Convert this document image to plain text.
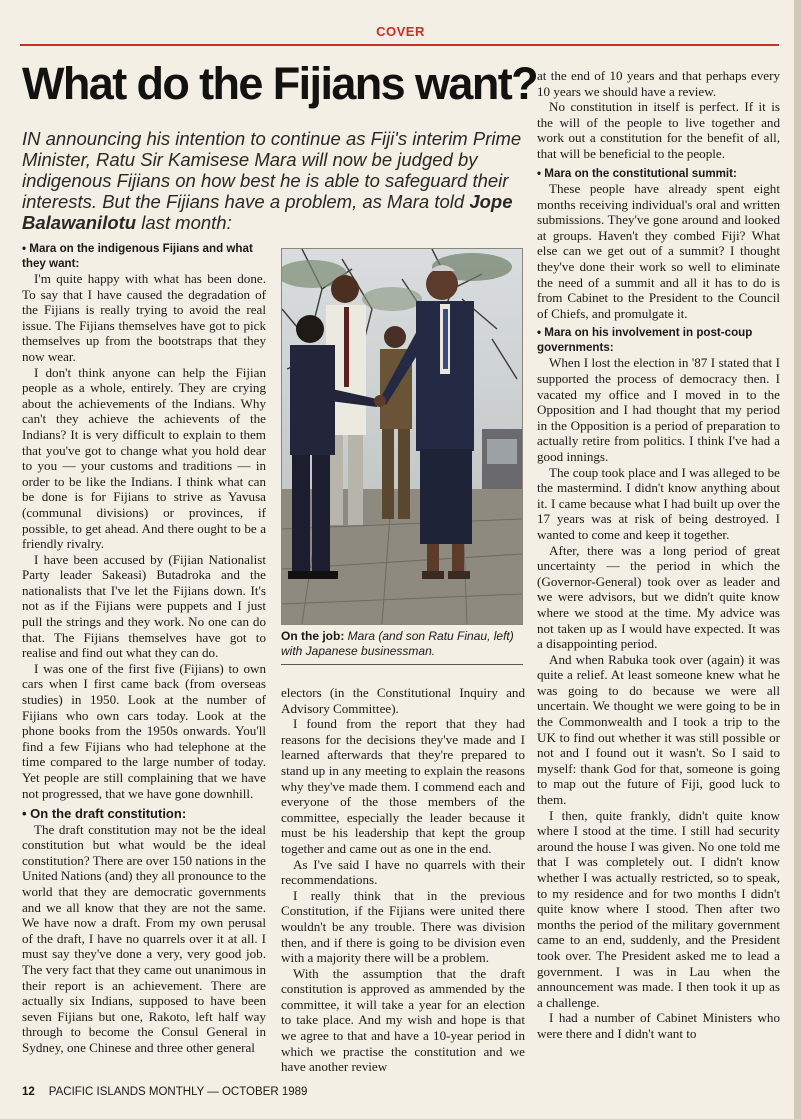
COVER
What do the Fijians want?
IN announcing his intention to continue as Fiji's interim Prime Minister, Ratu Sir Kamisese Mara will now be judged by indigenous Fijians on how best he is able to safeguard their interests. But the Fijians have a problem, as Mara told Jope Balawanilotu last month:
• Mara on the indigenous Fijians and what they want:

I'm quite happy with what has been done. To say that I have caused the degradation of the Fijians is really trying to avoid the real issue. The Fijians themselves have got to pick themselves up from the bootstraps that they now wear.

I don't think anyone can help the Fijian people as a whole, entirely. They are crying about the achievements of the Indians. Why can't they achieve the achievents of the Indians? It is very difficult to explain to them that you've got to change what you hold dear to you — your customs and traditions — in order to be like the Indians. I think what can be done is for Fijians to strive as Yavusa (communal divisions) or provinces, if possible, to get ahead. And there ought to be a friendly rivalry.

I have been accused by (Fijian Nationalist Party leader Sakeasi) Butadroka and the nationalists that I've let the Fijians down. It's not as if the Fijians were puppets and I just pull the strings and they work. No one can do that. The Fijians themselves have got to realise and find out what they can do.

I was one of the first five (Fijians) to own cars when I first came back (from overseas studies) in 1950. Look at the number of Fijians who own cars today. Look at the phone books from the 1950s onwards. You'll find a few Fijians who had telephone at the time compared to the large number of today. Yet people are still complaining that we have not progressed, that we have gone downhill.

• On the draft constitution:

The draft constitution may not be the ideal constitution but what would be the ideal constitution? There are over 150 nations in the United Nations (and) they all pronounce to the world that they are democratic governments and we all know that they are not the same. We have now a draft. From my own perusal of the draft, I have no quarrels over it at all. I must say they've done a very, very good job. The very fact that they came out unanimous in their report is an achievement. There are actually six Indians, supposed to have been seven Fijians but one, Rakoto, left half way through to become the Consul General in Sydney, one Chinese and three other general

On the job: Mara (and son Ratu Finau, left) with Japanese businessman.

electors (in the Constitutional Inquiry and Advisory Committee).

I found from the report that they had reasons for the decisions they've made and I learned afterwards that they're prepared to stand up in any meeting to explain the reasons why they've made them. I commend each and everyone of the those members of the committee, especially the leader because it must be his leadership that kept the group together and came out as one in the end.

As I've said I have no quarrels with their recommendations.

I really think that in the previous Constitution, if the Fijians were united there wouldn't be any trouble. There was division then, and if there is going to be division even with a majority there will be a problem.

With the assumption that the draft constitution is approved as ammended by the committee, it will take a year for an election to take place. And my wish and hope is that we agree to that and have a 10-year period in which we practise the constitution and we have another review

at the end of 10 years and that perhaps every 10 years we should have a review.

No constitution in itself is perfect. If it is the will of the people to live together and work out a constitution for the benefit of all, that will be beneficial to the people.

• Mara on the constitutional summit:

These people have already spent eight months receiving individual's oral and written submissions. They've gone around and looked at groups. Haven't they combed Fiji? What else can we get out of a summit? I thought they've done their work so well to eliminate the need of a summit and all it has to do is from Cabinet to the President to the Council of Chiefs, and promulgate it.

• Mara on his involvement in post-coup governments:

When I lost the election in '87 I stated that I supported the process of democracy then. I vacated my office and I moved in to the Opposition and I had thought that my period in the Opposition is a period of preparation to actually retire from politics. I think I've had a good innings.

The coup took place and I was alleged to be the mastermind. I didn't know anything about it. I came because what I had built up over the 17 years was at risk of being destroyed. I wanted to come and keep it together.

After, there was a long period of great uncertainty — the period in which the (Governor-General) took over as leader and we were advisors, but we didn't quite know where we stood at the time. My advice was not taken up as I would have expected. It was a disappointing period.

And when Rabuka took over (again) it was quite a relief. At least someone knew what he was going to do because we were all uncertain. We thought we were going to be in the Commonwealth and I took a trip to the UK to find out whether it was still possible or not and I found out it wasn't. So I said to myself: thank God for that, someone is going to map out the future of Fiji, good luck to them.

I then, quite frankly, didn't quite know where I stood at the time. I still had security around the house I was given. No one told me that I was completely out. I didn't know whether I was actually restricted, so to speak, to my residence and for two months I didn't quite know where I stood. Then after two months the period of the military government came to an end, suddenly, and the President took over. The President asked me to lead a government. I was in Lau when the announcement was made. I then took it up as a challenge.

I had a number of Cabinet Ministers who were there and I didn't want to

12 PACIFIC ISLANDS MONTHLY — OCTOBER 1989
